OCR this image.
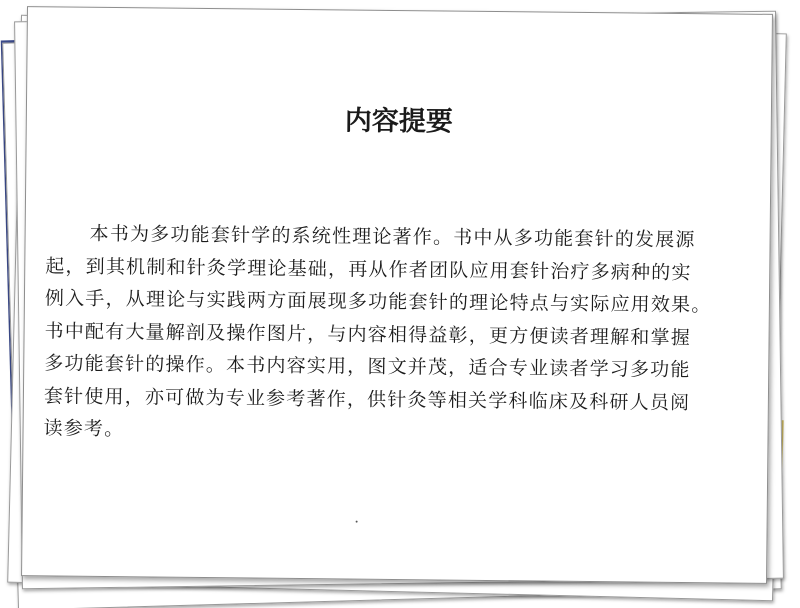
内容提要
本书为多功能套针学的系统性理论著作。书中从多功能套针的发展源
起，到其机制和针灸学理论基础，再从作者团队应用套针治疗多病种的实
例入手，从理论与实践两方面展现多功能套针的理论特点与实际应用效果。
书中配有大量解剖及操作图片，与内容相得益彰，更方便读者理解和掌握
多功能套针的操作。本书内容实用，图文并茂，适合专业读者学习多功能
套针使用，亦可做为专业参考著作，供针灸等相关学科临床及科研人员阅
读参考。
